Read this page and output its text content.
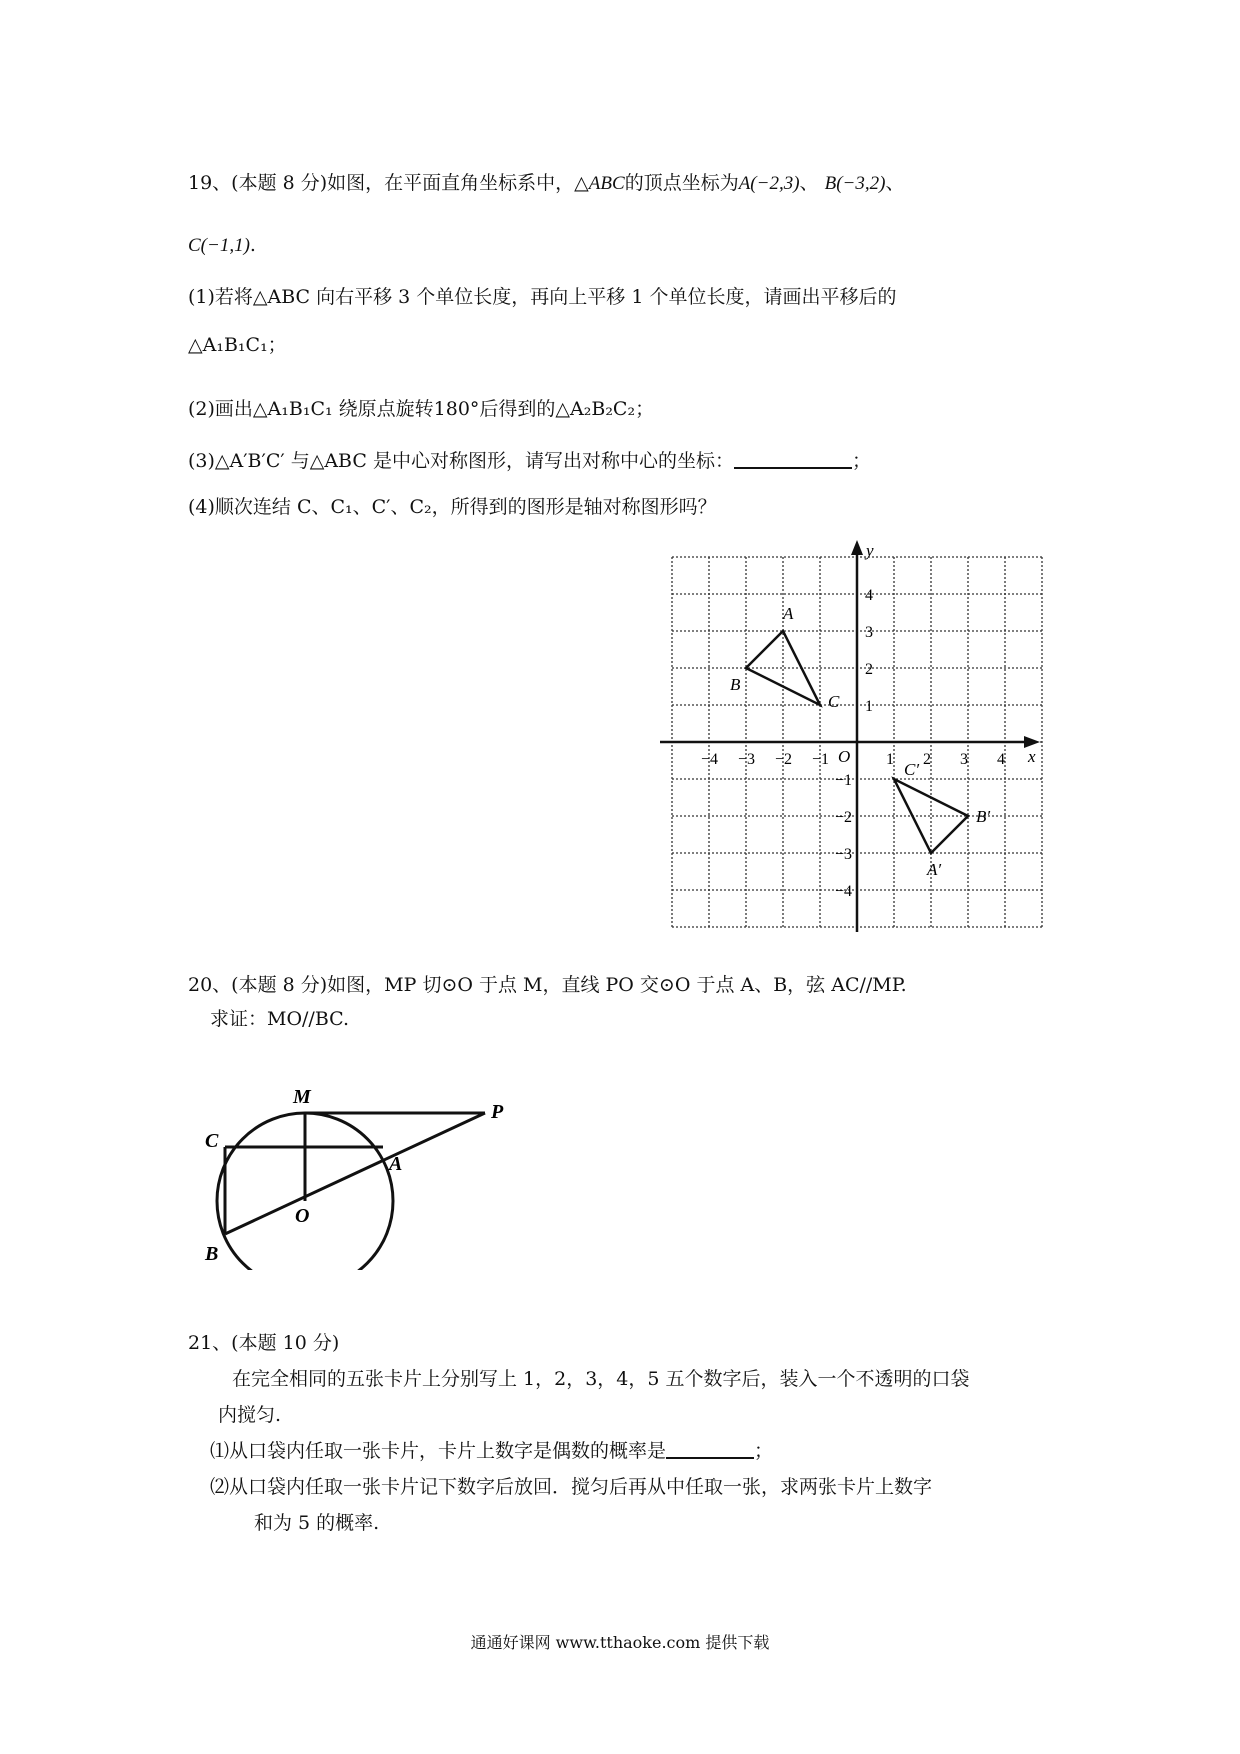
19、(本题 8 分)如图，在平面直角坐标系中，△ABC的顶点坐标为A(−2,3)、 B(−3,2)、
C(−1,1).
(1)若将△ABC 向右平移 3 个单位长度，再向上平移 1 个单位长度，请画出平移后的
△A₁B₁C₁；
(2)画出△A₁B₁C₁ 绕原点旋转180°后得到的△A₂B₂C₂；
(3)△A′B′C′ 与△ABC 是中心对称图形，请写出对称中心的坐标：	；
(4)顺次连结 C、C₁、C′、C₂，所得到的图形是轴对称图形吗？
−4 −3 −2 −1	1 2 3 4
4
3
2
1
−1
−2
−3
−4
A
B
C
A′
B′
C′
x
y
O
20、(本题 8 分)如图，MP 切⊙O 于点 M，直线 PO 交⊙O 于点 A、B，弦 AC//MP.
求证：MO//BC.
M
P
C
A
O
B
21、(本题 10 分)
在完全相同的五张卡片上分别写上 1，2，3，4，5 五个数字后，装入一个不透明的口袋
内搅匀.
⑴从口袋内任取一张卡片，卡片上数字是偶数的概率是	；
⑵从口袋内任取一张卡片记下数字后放回．搅匀后再从中任取一张，求两张卡片上数字
和为 5 的概率.
通通好课网 www.tthaoke.com 提供下载
